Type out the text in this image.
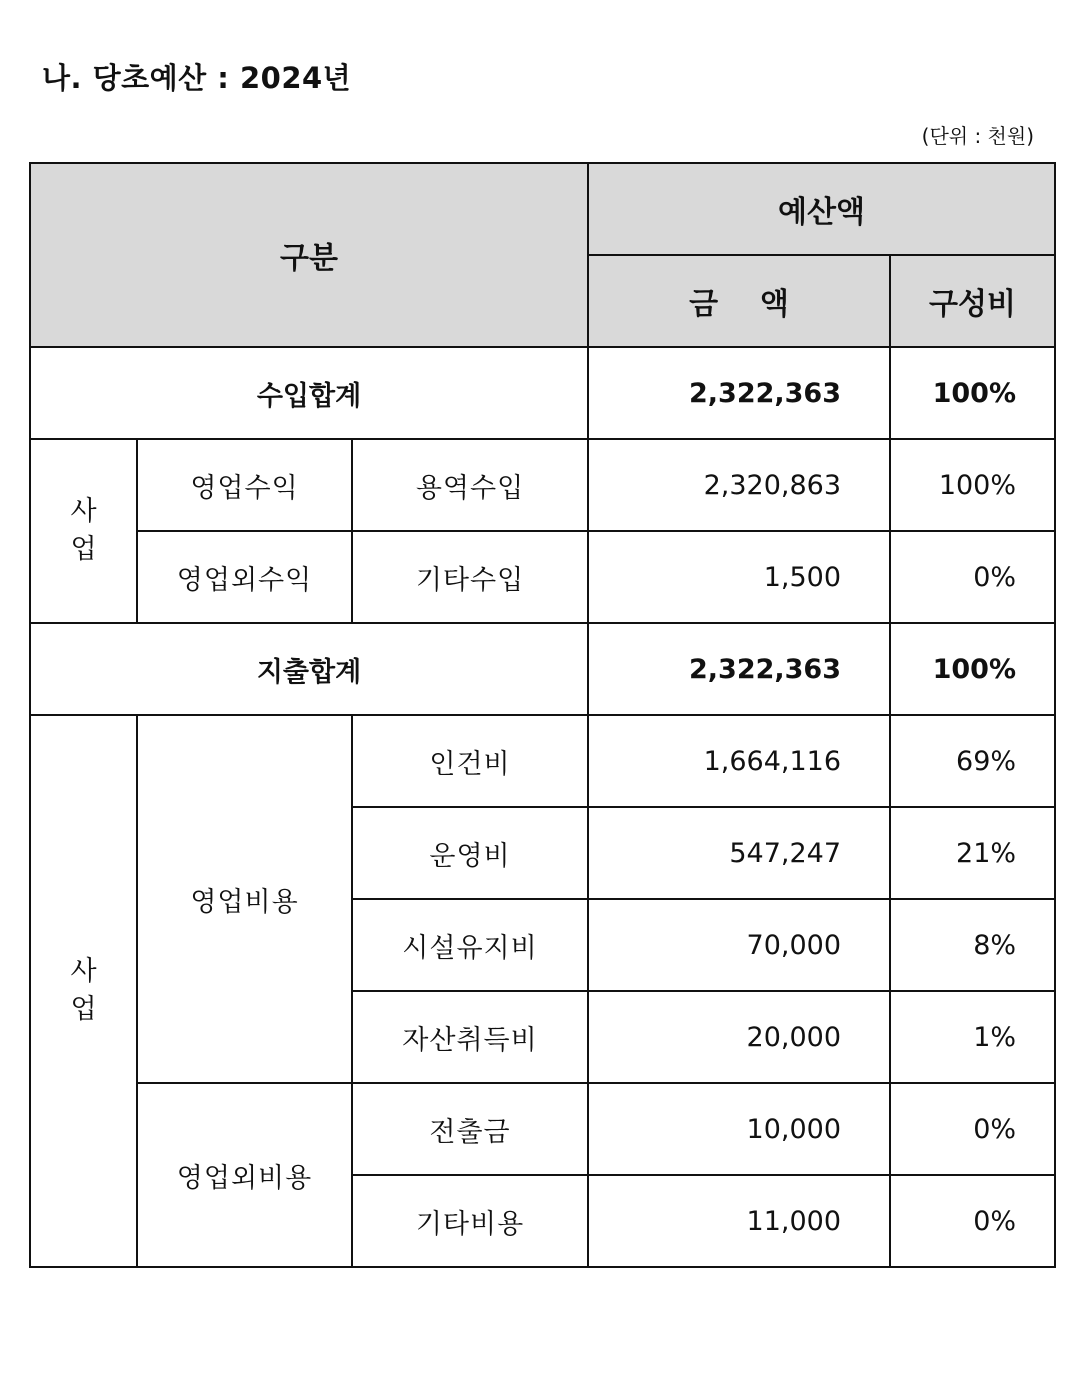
나. 당초예산 : 2024년
(단위 : 천원)
구분			예산액	
			금    액	구성비
수입합계			2,322,363	100%
사업	영업수익	용역수입	2,320,863	100%
	영업외수익	기타수입	1,500	0%
지출합계			2,322,363	100%
사업	영업비용	인건비	1,664,116	69%
		운영비	547,247	21%
		시설유지비	70,000	8%
		자산취득비	20,000	1%
	영업외비용	전출금	10,000	0%
		기타비용	11,000	0%
